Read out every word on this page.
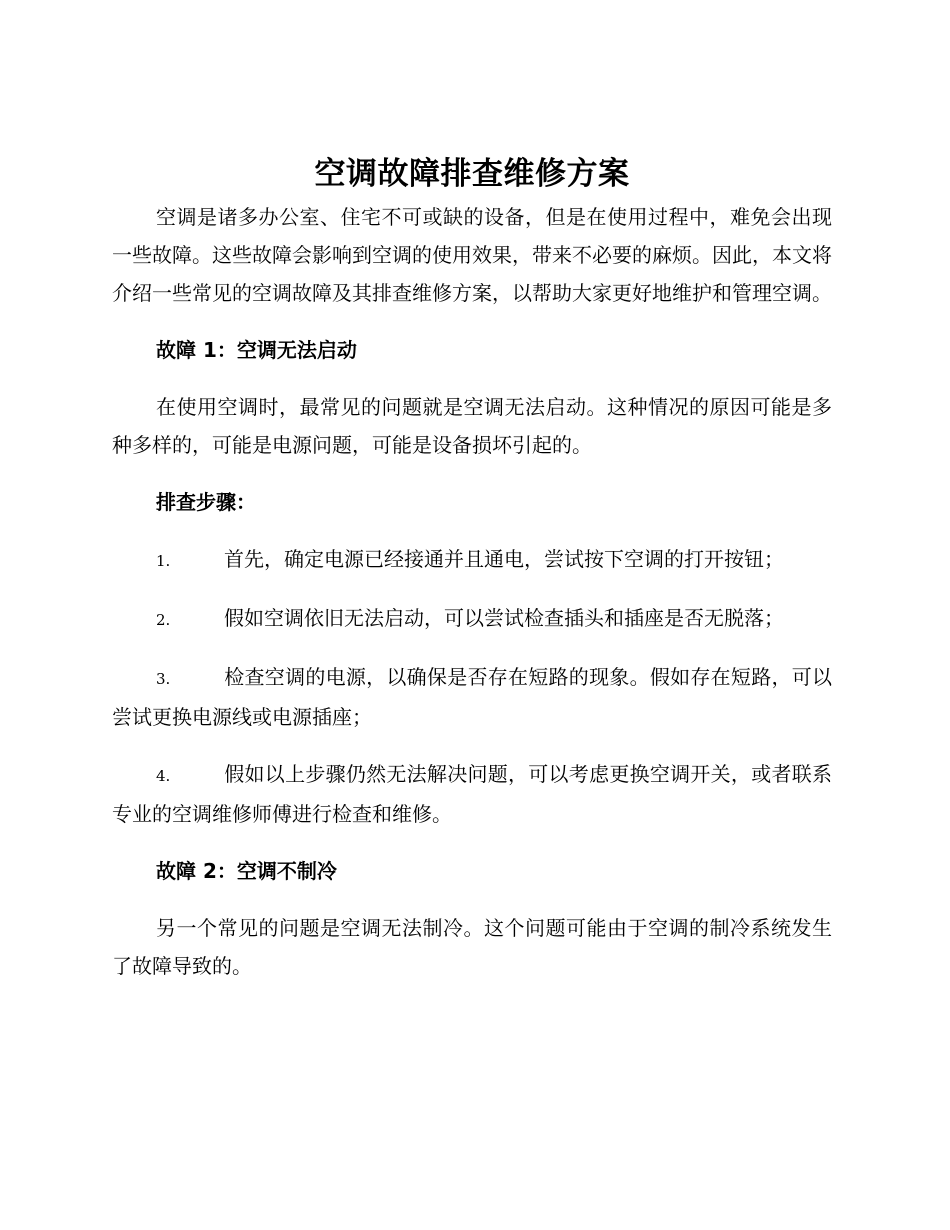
空调故障排查维修方案

空调是诸多办公室、住宅不可或缺的设备，但是在使用过程中，难免会出现一些故障。这些故障会影响到空调的使用效果，带来不必要的麻烦。因此，本文将介绍一些常见的空调故障及其排查维修方案，以帮助大家更好地维护和管理空调。

故障 1：空调无法启动

在使用空调时，最常见的问题就是空调无法启动。这种情况的原因可能是多种多样的，可能是电源问题，可能是设备损坏引起的。

排查步骤：

1.	首先，确定电源已经接通并且通电，尝试按下空调的打开按钮；

2.	假如空调依旧无法启动，可以尝试检查插头和插座是否无脱落；

3.	检查空调的电源，以确保是否存在短路的现象。假如存在短路，可以尝试更换电源线或电源插座；

4.	假如以上步骤仍然无法解决问题，可以考虑更换空调开关，或者联系专业的空调维修师傅进行检查和维修。

故障 2：空调不制冷

另一个常见的问题是空调无法制冷。这个问题可能由于空调的制冷系统发生了故障导致的。
